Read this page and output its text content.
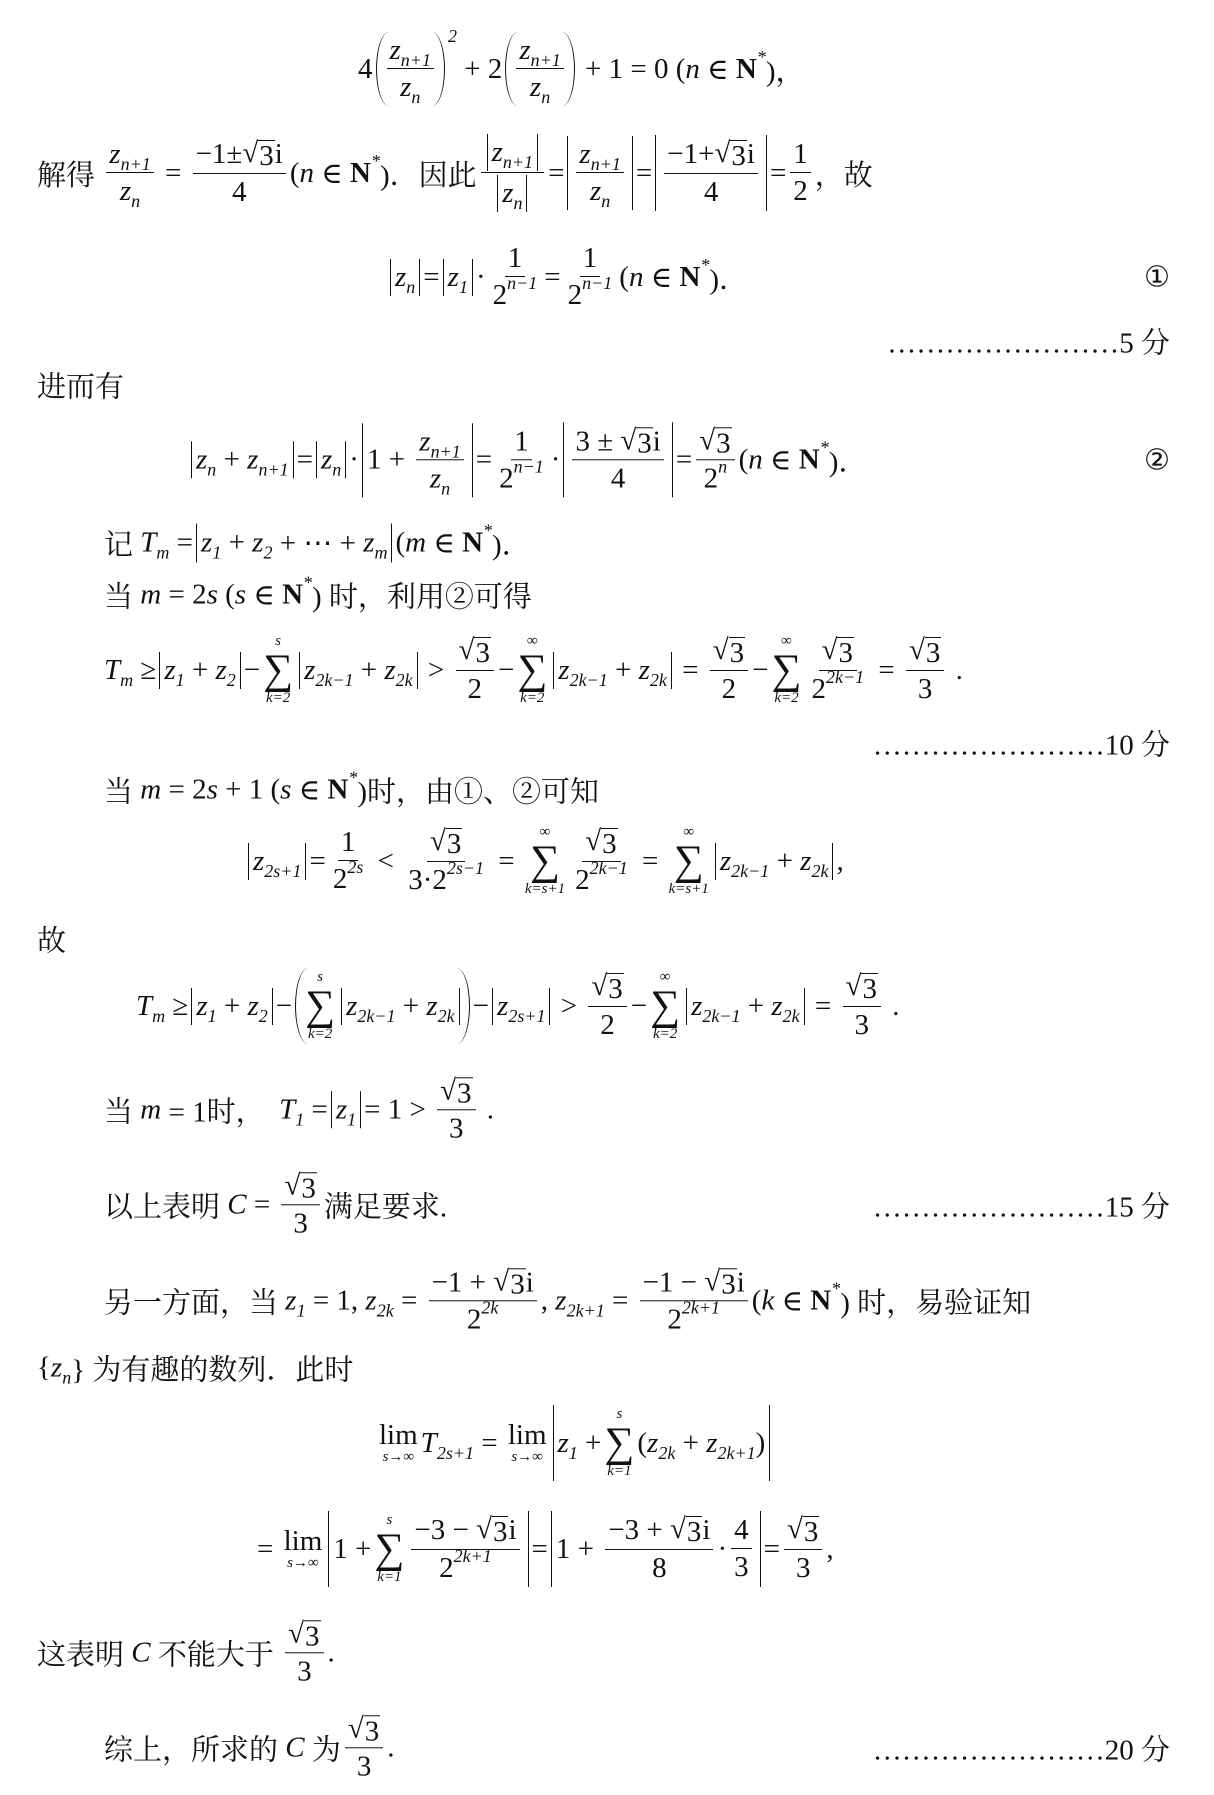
$4 \frac{\text{z n+1}}{\text{z n}} 2$
+ $2 \frac{\text{z n+1}}{\text{z n}} + 1 = 0$ ( n ∈ N * )，
解得 $\frac{\text{z n+1}}{\text{z n}} = \frac{-1\pm √ 3 i}{4}$ ( n ∈ N * )．因此 $\frac{\text{z n+1}}{\text{z n}} = \frac{\text{z n+1}}{\text{z n}} = \frac{-1+ √ 3 i}{4} = \frac{1}{2}$ ，故
z n = z $1 \cdot \frac{1}{2 n-1} = \frac{1}{2 n-1}$ ( n ∈ N * )．
进而有
z n + z n+1 = z $n \cdot 1 + \frac{\text{z n+1}}{\text{z n}} = \frac{1}{2 n-1} \cdot \frac{3 \pm √ 3 i}{4} = \frac{√ 3}{2 n}$ ( n ∈ N * )．
记 T m = z 1 + z 2 + ⋯ + z m ( m ∈ N * )．
当 m = 2 s ( s ∈ N * ) 时，利用②可得
T m ≥ z 1 + z 2 −
s
∑
k=2
z 2k−1 + z $2k > \frac{√ 3}{2}$ −
∞
∑
k=2
z 2k−1 + z $2k = \frac{√ 3}{2}$ −
∞
∑
$k=2 \frac{√ 3}{2 2k-1} = \frac{√ 3}{3}$ .
当 m = 2 s + 1 ( s ∈ N * )时，由①、②可知
z $2s+1 = \frac{1}{2 2s} < \frac{√ 3}{3\cdot 2 2s-1}$ =
∞
∑
$k=s+1 \frac{√ 3}{2 2k-1}$ =
∞
∑
k=s+1
z 2k−1 + z 2k ,
故
T m ≥ z 1 + z 2 −
s
∑
k=2
z 2k−1 + z 2k − z $2s+1 > \frac{√ 3}{2}$ −
∞
∑
k=2
z 2k−1 + z $2k = \frac{√ 3}{3}$ .
当 m = 1时， T 1 = z $1 = 1 > \frac{√ 3}{3}$ .
以上表明 $C = \frac{√ 3}{3}$ 满足要求.
另一方面，当 z 1 = 1, z $2k = \frac{-1 + √ 3 i}{2 2k}$ , z $2k+1 = \frac{-1 - √ 3 i}{2 2k+1}$ ( k ∈ N * ) 时，易验证知
{ z n } 为有趣的数列．此时
lim
s→∞ T 2s+1 = lim
s→∞ z 1 +
s
∑
k=1
( z 2k + z 2k+1 )
= lim
s→∞ 1 +
s
∑
$k=1 \frac{-3 - √ 3 i}{2 2k+1} = 1 + \frac{-3 + √ 3 i}{8} \cdot \frac{4}{3} = \frac{√ 3}{3}$ ,
这表明 C 不能大于 $\frac{√ 3}{3}$ .
综上，所求的 C 为 $\frac{√ 3}{3}$ .
①
……………………5 分
②
……………………10 分
……………………15 分
……………………20 分
